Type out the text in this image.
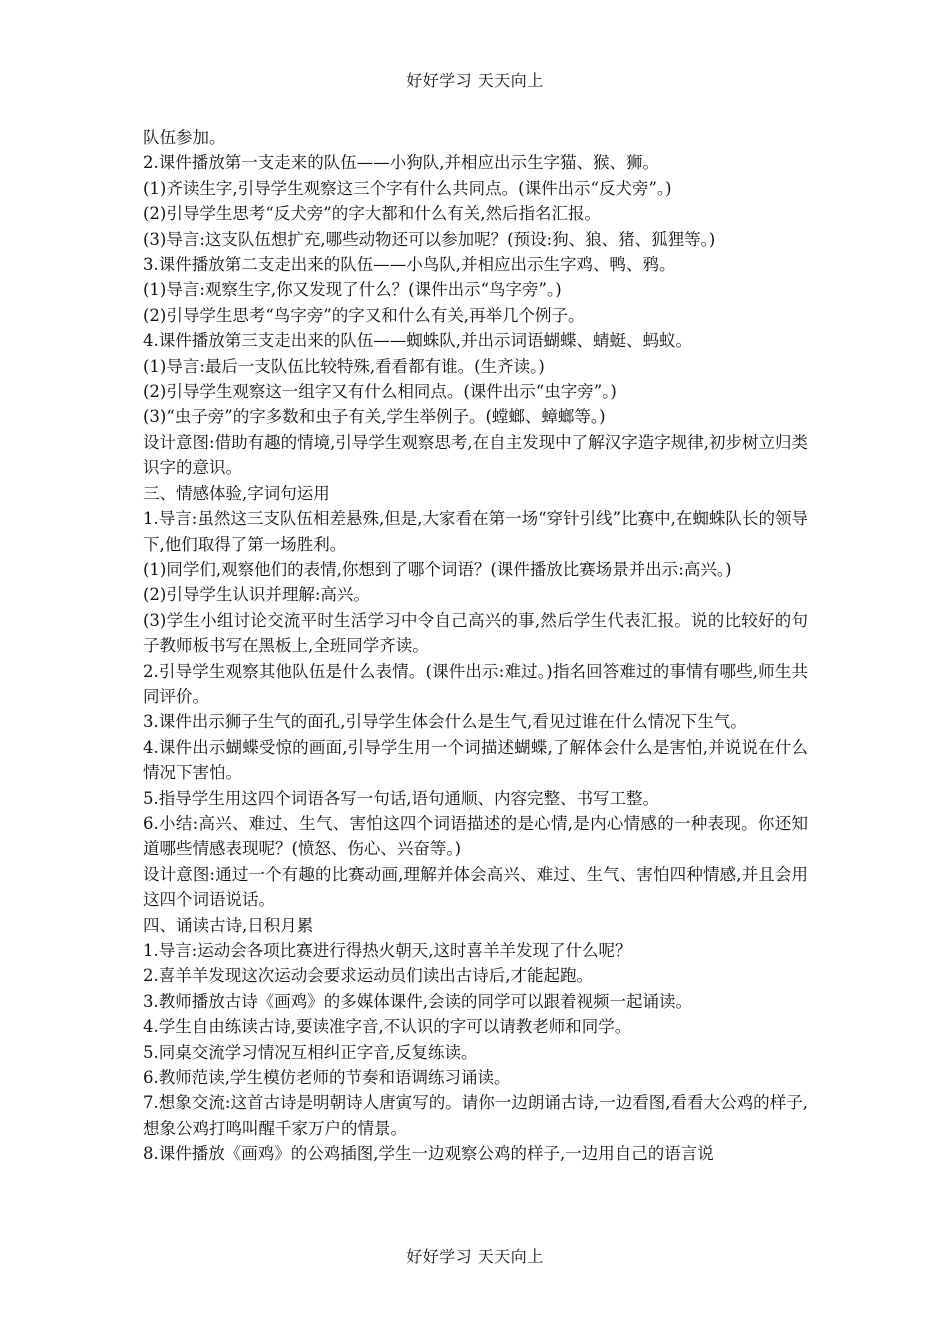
好好学习 天天向上
队伍参加。
2.课件播放第一支走来的队伍——小狗队,并相应出示生字猫、猴、狮。
(1)齐读生字,引导学生观察这三个字有什么共同点。(课件出示“反犬旁”。)
(2)引导学生思考“反犬旁”的字大都和什么有关,然后指名汇报。
(3)导言:这支队伍想扩充,哪些动物还可以参加呢？(预设:狗、狼、猪、狐狸等。)
3.课件播放第二支走出来的队伍——小鸟队,并相应出示生字鸡、鸭、鸦。
(1)导言:观察生字,你又发现了什么？(课件出示“鸟字旁”。)
(2)引导学生思考“鸟字旁”的字又和什么有关,再举几个例子。
4.课件播放第三支走出来的队伍——蜘蛛队,并出示词语蝴蝶、蜻蜓、蚂蚁。
(1)导言:最后一支队伍比较特殊,看看都有谁。(生齐读。)
(2)引导学生观察这一组字又有什么相同点。(课件出示“虫字旁”。)
(3)“虫子旁”的字多数和虫子有关,学生举例子。(螳螂、蟑螂等。)
设计意图:借助有趣的情境,引导学生观察思考,在自主发现中了解汉字造字规律,初步树立归类识字的意识。
三、情感体验,字词句运用
1.导言:虽然这三支队伍相差悬殊,但是,大家看在第一场“穿针引线”比赛中,在蜘蛛队长的领导下,他们取得了第一场胜利。
(1)同学们,观察他们的表情,你想到了哪个词语？(课件播放比赛场景并出示:高兴。)
(2)引导学生认识并理解:高兴。
(3)学生小组讨论交流平时生活学习中令自己高兴的事,然后学生代表汇报。说的比较好的句子教师板书写在黑板上,全班同学齐读。
2.引导学生观察其他队伍是什么表情。(课件出示:难过。)指名回答难过的事情有哪些,师生共同评价。
3.课件出示狮子生气的面孔,引导学生体会什么是生气,看见过谁在什么情况下生气。
4.课件出示蝴蝶受惊的画面,引导学生用一个词描述蝴蝶,了解体会什么是害怕,并说说在什么情况下害怕。
5.指导学生用这四个词语各写一句话,语句通顺、内容完整、书写工整。
6.小结:高兴、难过、生气、害怕这四个词语描述的是心情,是内心情感的一种表现。你还知道哪些情感表现呢？(愤怒、伤心、兴奋等。)
设计意图:通过一个有趣的比赛动画,理解并体会高兴、难过、生气、害怕四种情感,并且会用这四个词语说话。
四、诵读古诗,日积月累
1.导言:运动会各项比赛进行得热火朝天,这时喜羊羊发现了什么呢？
2.喜羊羊发现这次运动会要求运动员们读出古诗后,才能起跑。
3.教师播放古诗《画鸡》的多媒体课件,会读的同学可以跟着视频一起诵读。
4.学生自由练读古诗,要读准字音,不认识的字可以请教老师和同学。
5.同桌交流学习情况互相纠正字音,反复练读。
6.教师范读,学生模仿老师的节奏和语调练习诵读。
7.想象交流:这首古诗是明朝诗人唐寅写的。请你一边朗诵古诗,一边看图,看看大公鸡的样子,想象公鸡打鸣叫醒千家万户的情景。
8.课件播放《画鸡》的公鸡插图,学生一边观察公鸡的样子,一边用自己的语言说
好好学习 天天向上
